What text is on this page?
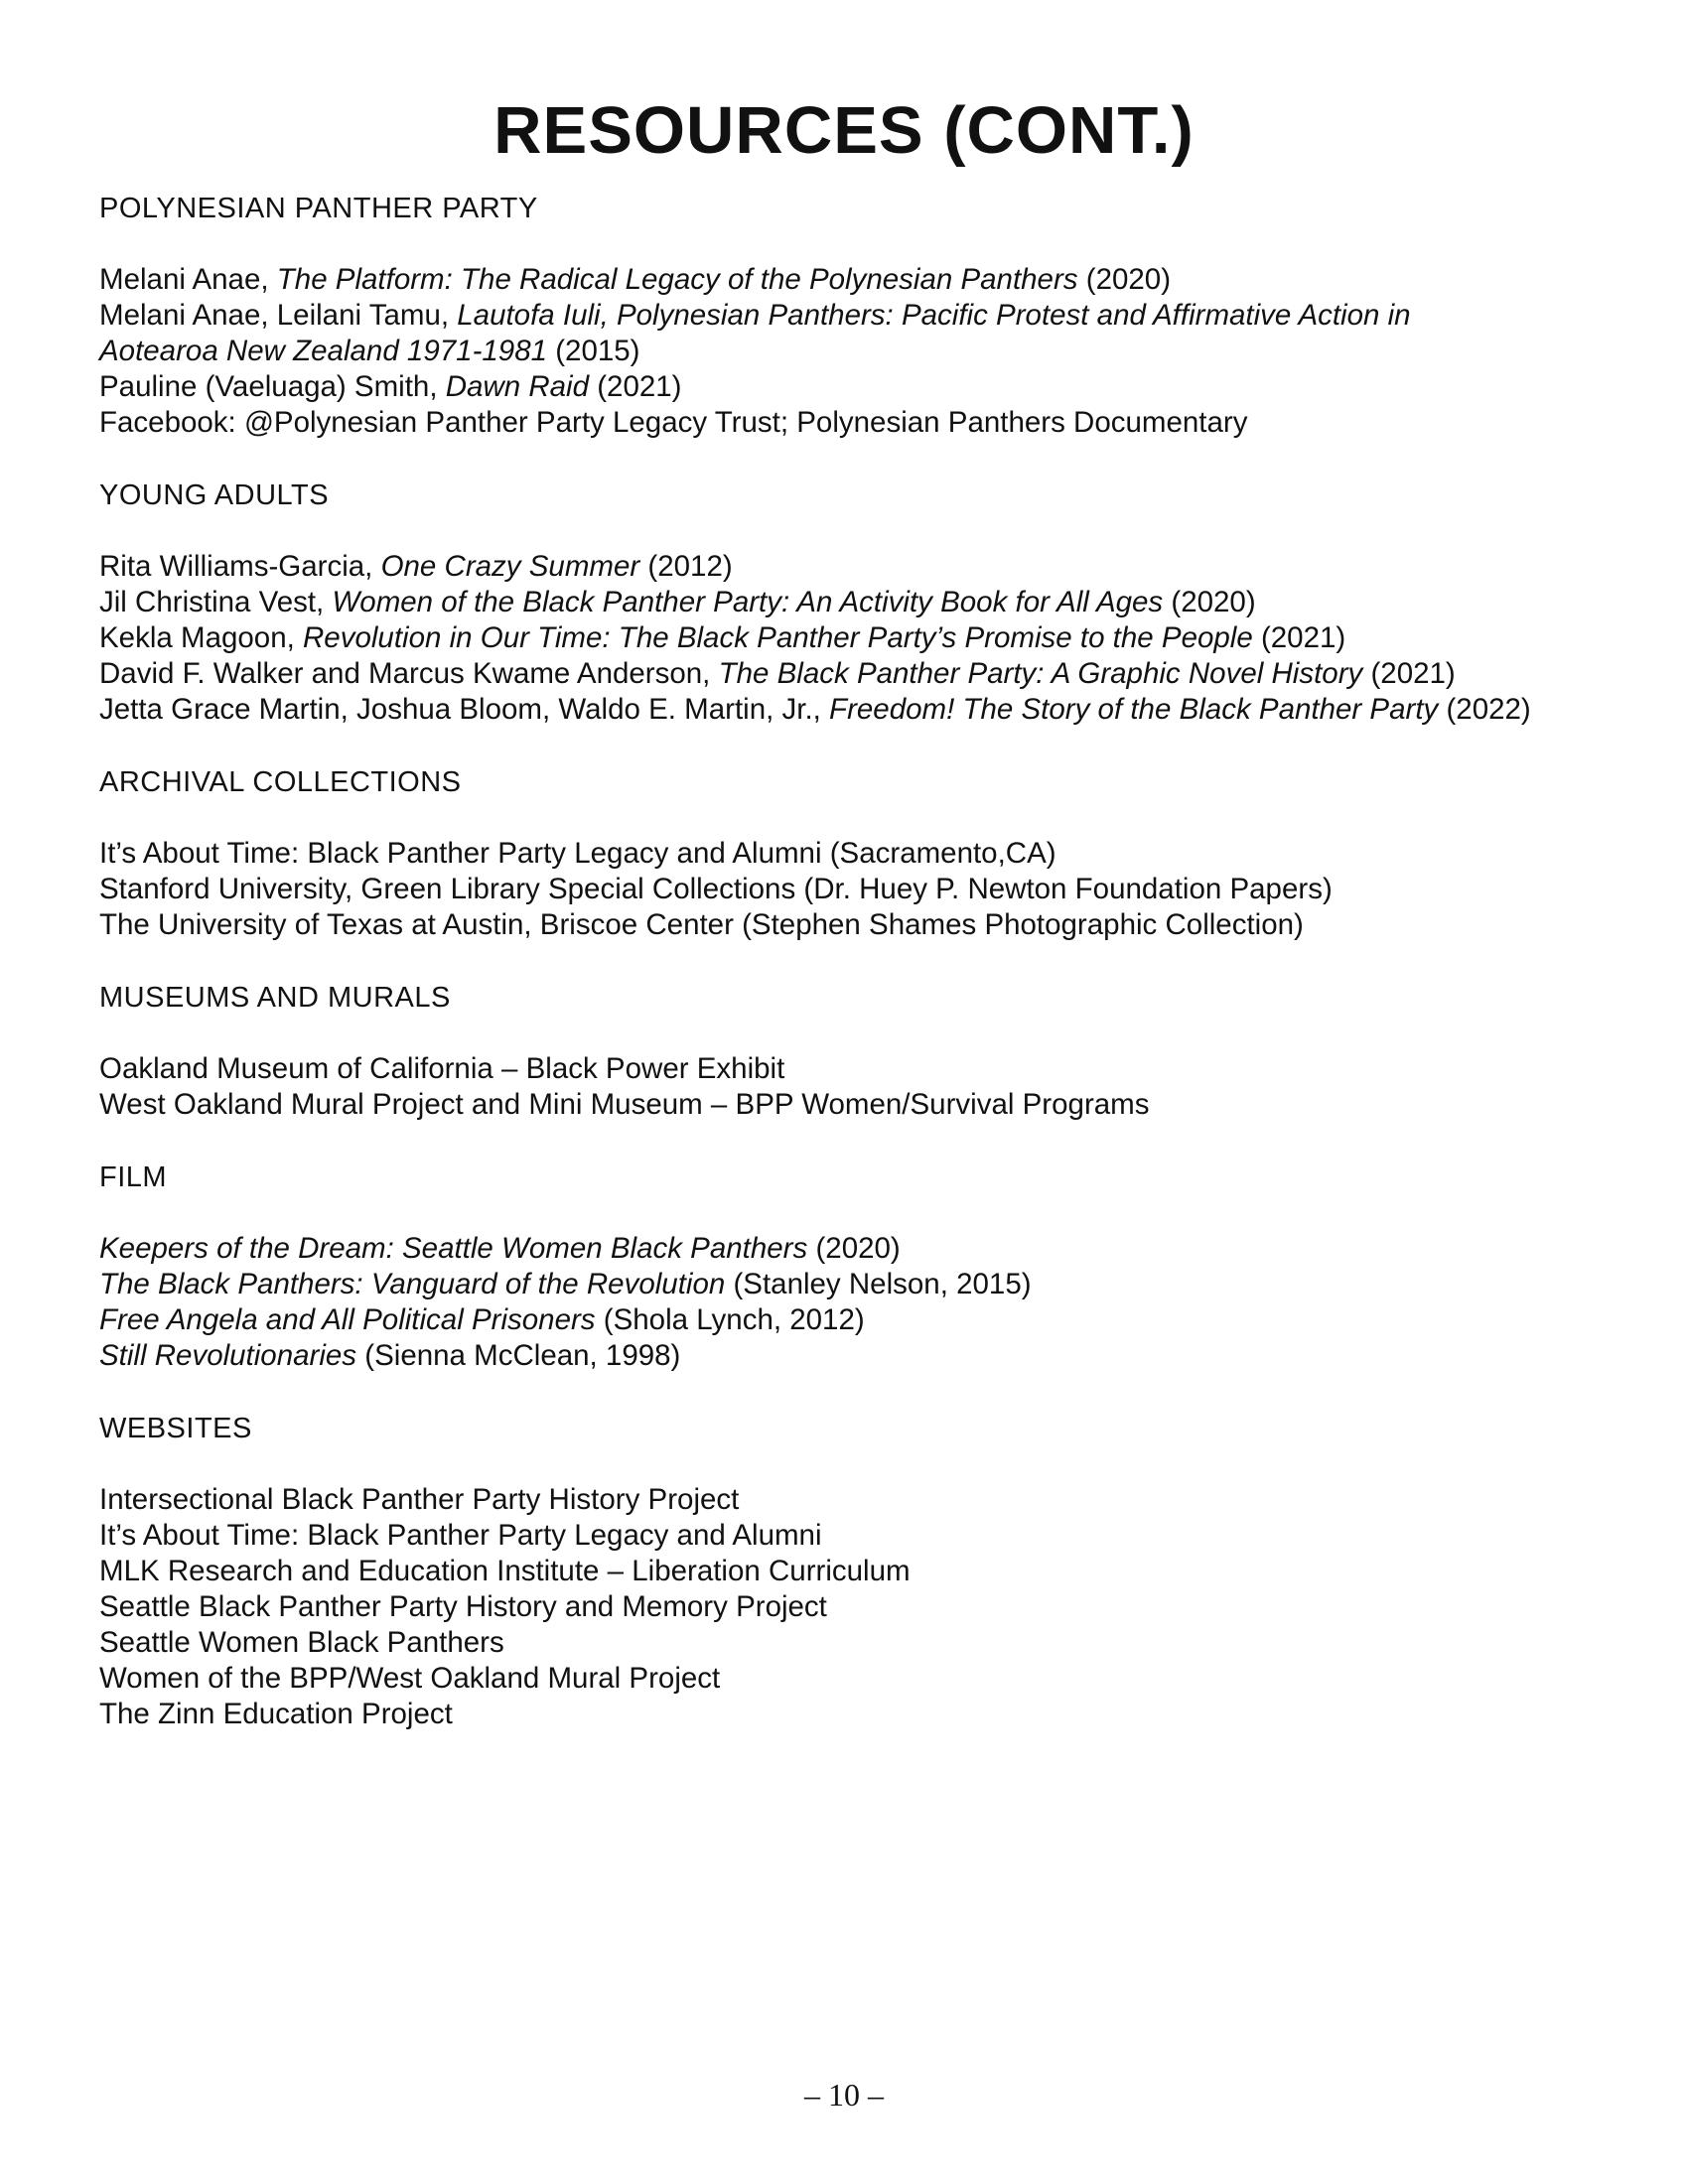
RESOURCES (CONT.)
POLYNESIAN PANTHER PARTY
Melani Anae, The Platform: The Radical Legacy of the Polynesian Panthers (2020)
Melani Anae, Leilani Tamu, Lautofa Iuli, Polynesian Panthers: Pacific Protest and Affirmative Action in
Aotearoa New Zealand 1971-1981 (2015)
Pauline (Vaeluaga) Smith, Dawn Raid (2021)
Facebook: @Polynesian Panther Party Legacy Trust; Polynesian Panthers Documentary
YOUNG ADULTS
Rita Williams-Garcia, One Crazy Summer (2012)
Jil Christina Vest, Women of the Black Panther Party: An Activity Book for All Ages (2020)
Kekla Magoon, Revolution in Our Time: The Black Panther Party’s Promise to the People (2021)
David F. Walker and Marcus Kwame Anderson, The Black Panther Party: A Graphic Novel History (2021)
Jetta Grace Martin, Joshua Bloom, Waldo E. Martin, Jr., Freedom! The Story of the Black Panther Party (2022)
ARCHIVAL COLLECTIONS
It’s About Time: Black Panther Party Legacy and Alumni (Sacramento,CA)
Stanford University, Green Library Special Collections (Dr. Huey P. Newton Foundation Papers)
The University of Texas at Austin, Briscoe Center (Stephen Shames Photographic Collection)
MUSEUMS AND MURALS
Oakland Museum of California – Black Power Exhibit
West Oakland Mural Project and Mini Museum – BPP Women/Survival Programs
FILM
Keepers of the Dream: Seattle Women Black Panthers (2020)
The Black Panthers: Vanguard of the Revolution (Stanley Nelson, 2015)
Free Angela and All Political Prisoners (Shola Lynch, 2012)
Still Revolutionaries (Sienna McClean, 1998)
WEBSITES
Intersectional Black Panther Party History Project
It’s About Time: Black Panther Party Legacy and Alumni
MLK Research and Education Institute – Liberation Curriculum
Seattle Black Panther Party History and Memory Project
Seattle Women Black Panthers
Women of the BPP/West Oakland Mural Project
The Zinn Education Project
– 10 –
